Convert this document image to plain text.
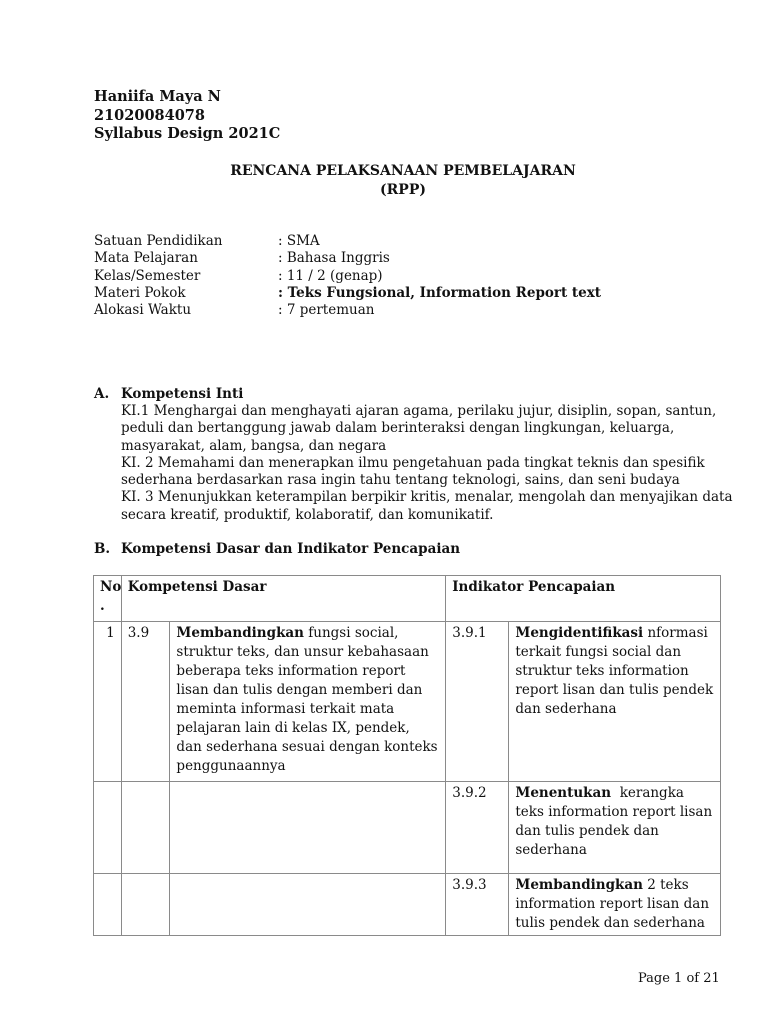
Haniifa Maya N
21020084078
Syllabus Design 2021C
RENCANA PELAKSANAAN PEMBELAJARAN
(RPP)
Satuan Pendidikan	: SMA
Mata Pelajaran	: Bahasa Inggris
Kelas/Semester	: 11 / 2 (genap)
Materi Pokok	: Teks Fungsional, Information Report text
Alokasi Waktu	: 7 pertemuan
A. Kompetensi Inti
KI.1 Menghargai dan menghayati ajaran agama, perilaku jujur, disiplin, sopan, santun,
peduli dan bertanggung jawab dalam berinteraksi dengan lingkungan, keluarga,
masyarakat, alam, bangsa, dan negara
KI. 2 Memahami dan menerapkan ilmu pengetahuan pada tingkat teknis dan spesifik
sederhana berdasarkan rasa ingin tahu tentang teknologi, sains, dan seni budaya
KI. 3 Menunjukkan keterampilan berpikir kritis, menalar, mengolah dan menyajikan data
secara kreatif, produktif, kolaboratif, dan komunikatif.
B. Kompetensi Dasar dan Indikator Pencapaian
No
.	Kompetensi Dasar		Indikator Pencapaian	
1	3.9	Membandingkan fungsi social, struktur teks, dan unsur kebahasaan beberapa teks information report lisan dan tulis dengan memberi dan meminta informasi terkait mata pelajaran lain di kelas IX, pendek, dan sederhana sesuai dengan konteks penggunaannya	3.9.1	Mengidentifikasi nformasi terkait fungsi social dan struktur teks information report lisan dan tulis pendek dan sederhana
			3.9.2	Menentukan  kerangka teks information report lisan dan tulis pendek dan sederhana
			3.9.3	Membandingkan 2 teks information report lisan dan tulis pendek dan sederhana
Page 1 of 21
